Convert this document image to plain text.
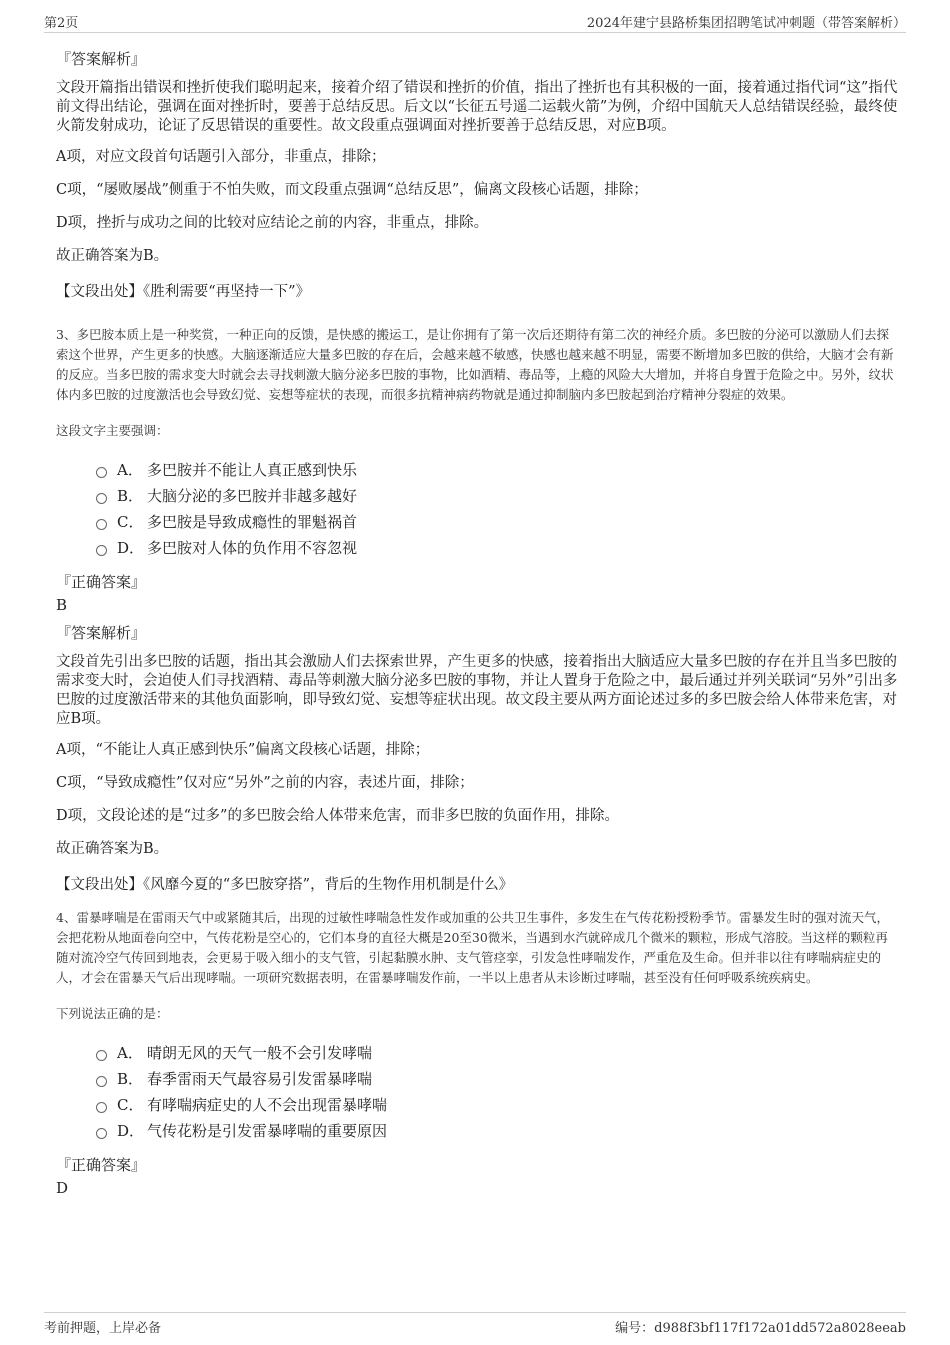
第2页	2024年建宁县路桥集团招聘笔试冲刺题（带答案解析）
『答案解析』

文段开篇指出错误和挫折使我们聪明起来，接着介绍了错误和挫折的价值，指出了挫折也有其积极的一面，接着通过指代词“这”指代前文得出结论，强调在面对挫折时，要善于总结反思。后文以“长征五号遥二运载火箭”为例，介绍中国航天人总结错误经验，最终使火箭发射成功，论证了反思错误的重要性。故文段重点强调面对挫折要善于总结反思，对应B项。

A项，对应文段首句话题引入部分，非重点，排除；

C项，“屡败屡战”侧重于不怕失败，而文段重点强调“总结反思”，偏离文段核心话题，排除；

D项，挫折与成功之间的比较对应结论之前的内容，非重点，排除。

故正确答案为B。

【文段出处】《胜利需要“再坚持一下”》

3、多巴胺本质上是一种奖赏，一种正向的反馈，是快感的搬运工，是让你拥有了第一次后还期待有第二次的神经介质。多巴胺的分泌可以激励人们去探索这个世界，产生更多的快感。大脑逐渐适应大量多巴胺的存在后，会越来越不敏感，快感也越来越不明显，需要不断增加多巴胺的供给，大脑才会有新的反应。当多巴胺的需求变大时就会去寻找刺激大脑分泌多巴胺的事物，比如酒精、毒品等，上瘾的风险大大增加，并将自身置于危险之中。另外，纹状体内多巴胺的过度激活也会导致幻觉、妄想等症状的表现，而很多抗精神病药物就是通过抑制脑内多巴胺起到治疗精神分裂症的效果。

这段文字主要强调：

A． 多巴胺并不能让人真正感到快乐
B． 大脑分泌的多巴胺并非越多越好
C． 多巴胺是导致成瘾性的罪魁祸首
D． 多巴胺对人体的负作用不容忽视
『正确答案』
B
『答案解析』

文段首先引出多巴胺的话题，指出其会激励人们去探索世界，产生更多的快感，接着指出大脑适应大量多巴胺的存在并且当多巴胺的需求变大时，会迫使人们寻找酒精、毒品等刺激大脑分泌多巴胺的事物，并让人置身于危险之中，最后通过并列关联词“另外”引出多巴胺的过度激活带来的其他负面影响，即导致幻觉、妄想等症状出现。故文段主要从两方面论述过多的多巴胺会给人体带来危害，对应B项。

A项，“不能让人真正感到快乐”偏离文段核心话题，排除；

C项，“导致成瘾性”仅对应“另外”之前的内容，表述片面，排除；

D项，文段论述的是“过多”的多巴胺会给人体带来危害，而非多巴胺的负面作用，排除。

故正确答案为B。

【文段出处】《风靡今夏的“多巴胺穿搭”，背后的生物作用机制是什么》

4、雷暴哮喘是在雷雨天气中或紧随其后，出现的过敏性哮喘急性发作或加重的公共卫生事件，多发生在气传花粉授粉季节。雷暴发生时的强对流天气，会把花粉从地面卷向空中，气传花粉是空心的，它们本身的直径大概是20至30微米，当遇到水汽就碎成几个微米的颗粒，形成气溶胶。当这样的颗粒再随对流冷空气传回到地表，会更易于吸入细小的支气管，引起黏膜水肿、支气管痉挛，引发急性哮喘发作，严重危及生命。但并非以往有哮喘病症史的人，才会在雷暴天气后出现哮喘。一项研究数据表明，在雷暴哮喘发作前，一半以上患者从未诊断过哮喘，甚至没有任何呼吸系统疾病史。

下列说法正确的是：

A． 晴朗无风的天气一般不会引发哮喘
B． 春季雷雨天气最容易引发雷暴哮喘
C． 有哮喘病症史的人不会出现雷暴哮喘
D． 气传花粉是引发雷暴哮喘的重要原因
『正确答案』
D
考前押题，上岸必备	编号：d988f3bf117f172a01dd572a8028eeab
